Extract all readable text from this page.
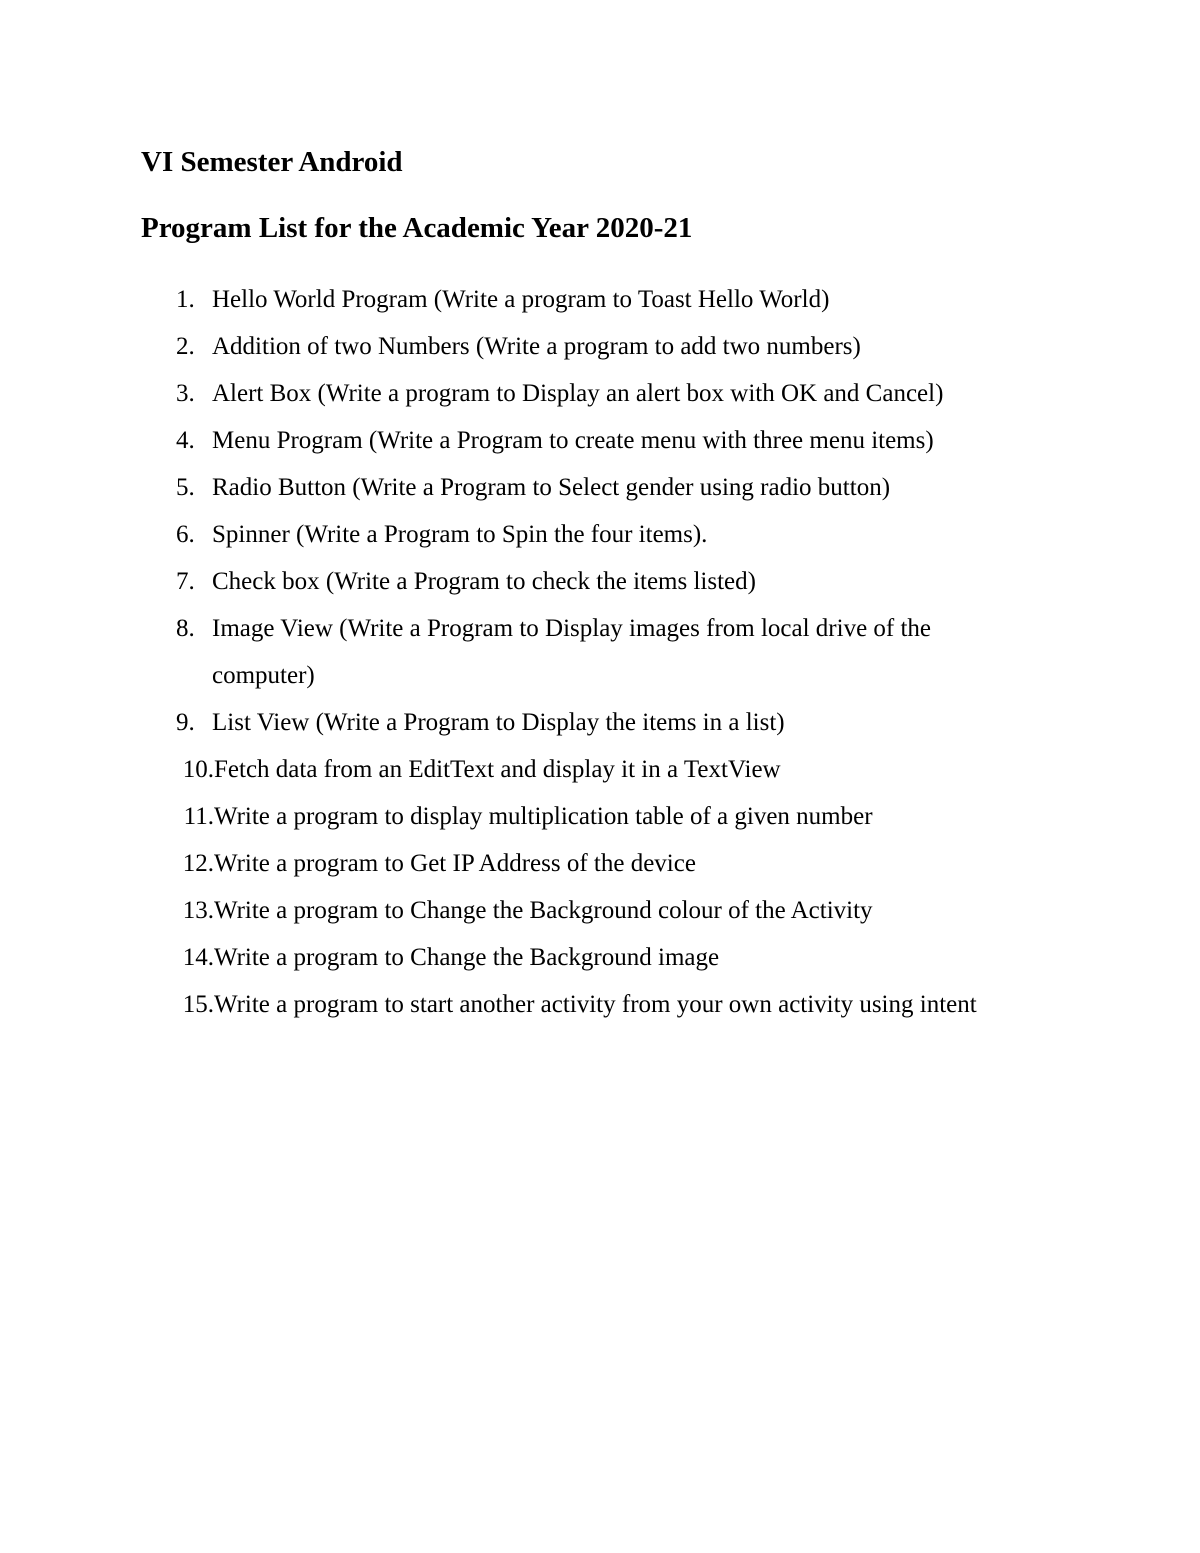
VI Semester Android
Program List for the Academic Year 2020-21
1. Hello World Program (Write a program to Toast Hello World)
2. Addition of two Numbers (Write a program to add two numbers)
3. Alert Box (Write a program to Display an alert box with OK and Cancel)
4. Menu Program (Write a Program to create menu with three menu items)
5. Radio Button (Write a Program to Select gender using radio button)
6. Spinner (Write a Program to Spin the four items).
7. Check box (Write a Program to check the items listed)
8. Image View (Write a Program to Display images from local drive of the
computer)
9. List View (Write a Program to Display the items in a list)
10. Fetch data from an EditText and display it in a TextView
11. Write a program to display multiplication table of a given number
12. Write a program to Get IP Address of the device
13. Write a program to Change the Background colour of the Activity
14. Write a program to Change the Background image
15. Write a program to start another activity from your own activity using intent
